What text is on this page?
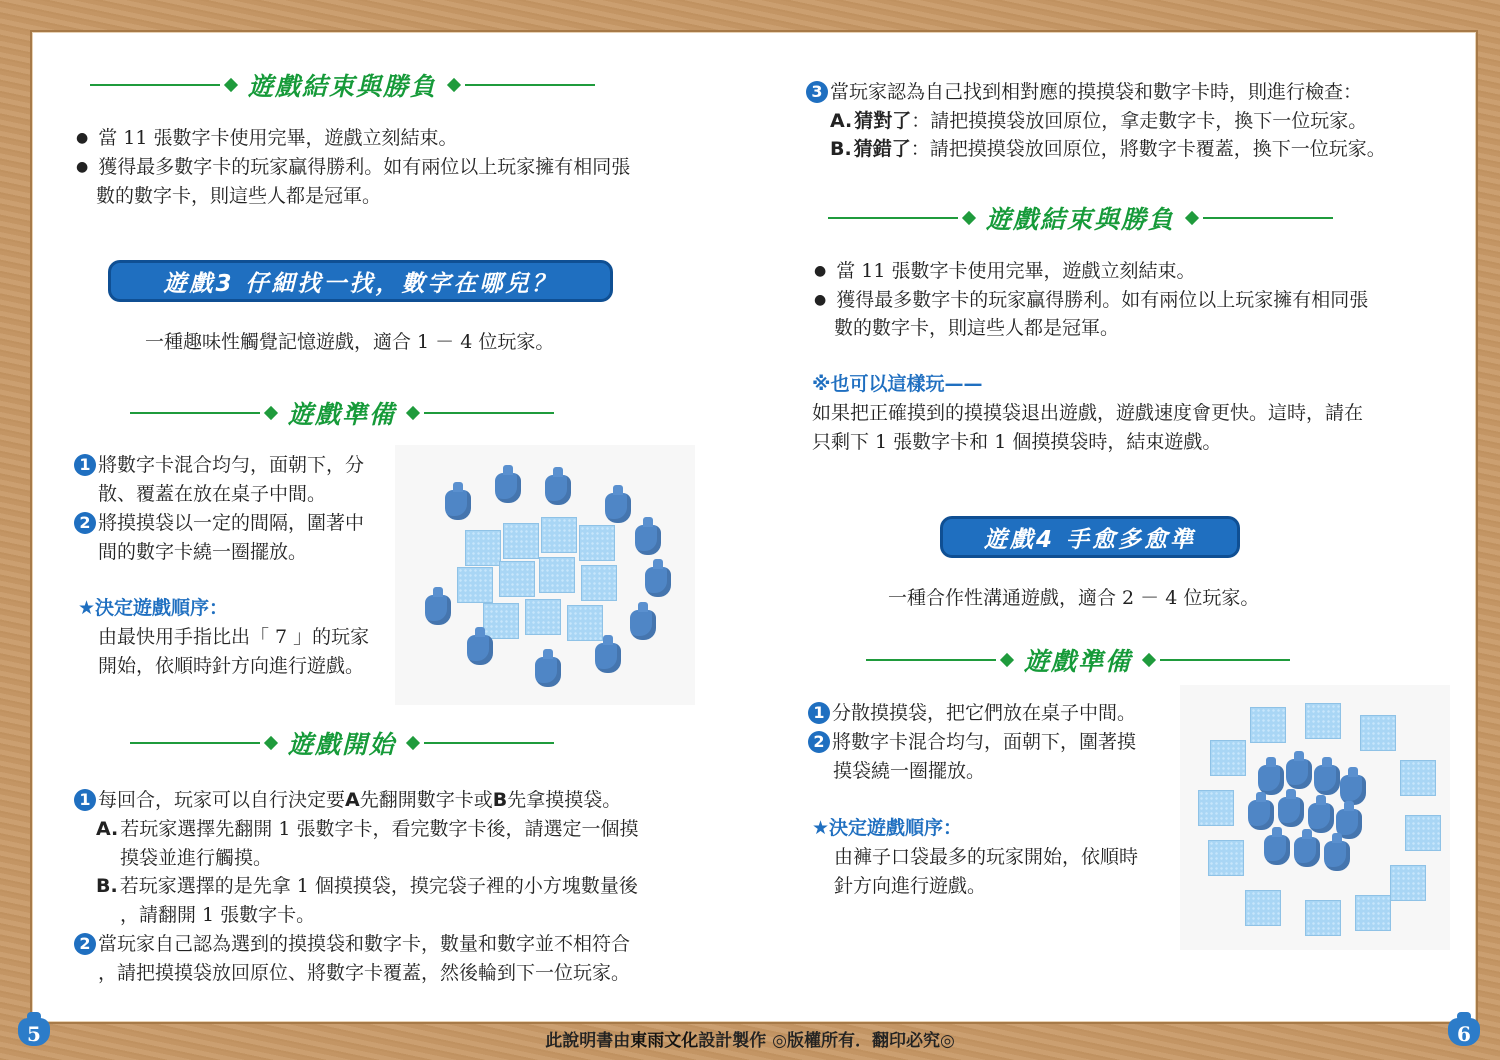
遊戲結束與勝負
● 當 11 張數字卡使用完畢，遊戲立刻結束。
● 獲得最多數字卡的玩家贏得勝利。如有兩位以上玩家擁有相同張
數的數字卡，則這些人都是冠軍。
遊戲3 仔細找一找，數字在哪兒？
一種趣味性觸覺記憶遊戲，適合 1 － 4 位玩家。
遊戲準備
1 將數字卡混合均勻，面朝下，分
散、覆蓋在放在桌子中間。
2 將摸摸袋以一定的間隔，圍著中
間的數字卡繞一圈擺放。
★決定遊戲順序：
由最快用手指比出「 7 」的玩家
開始，依順時針方向進行遊戲。
遊戲開始
1 每回合，玩家可以自行決定要A先翻開數字卡或B先拿摸摸袋。
A. 若玩家選擇先翻開 1 張數字卡，看完數字卡後，請選定一個摸
摸袋並進行觸摸。
B. 若玩家選擇的是先拿 1 個摸摸袋，摸完袋子裡的小方塊數量後
，請翻開 1 張數字卡。
2 當玩家自己認為選到的摸摸袋和數字卡，數量和數字並不相符合
，請把摸摸袋放回原位、將數字卡覆蓋，然後輪到下一位玩家。
3 當玩家認為自己找到相對應的摸摸袋和數字卡時，則進行檢查：
A. 猜對了：請把摸摸袋放回原位，拿走數字卡，換下一位玩家。
B. 猜錯了：請把摸摸袋放回原位，將數字卡覆蓋，換下一位玩家。
遊戲結束與勝負
● 當 11 張數字卡使用完畢，遊戲立刻結束。
● 獲得最多數字卡的玩家贏得勝利。如有兩位以上玩家擁有相同張
數的數字卡，則這些人都是冠軍。
※也可以這樣玩——
如果把正確摸到的摸摸袋退出遊戲，遊戲速度會更快。這時，請在
只剩下 1 張數字卡和 1 個摸摸袋時，結束遊戲。
遊戲4 手愈多愈準
一種合作性溝通遊戲，適合 2 － 4 位玩家。
遊戲準備
1 分散摸摸袋，把它們放在桌子中間。
2 將數字卡混合均勻，面朝下，圍著摸
摸袋繞一圈擺放。
★決定遊戲順序：
由褲子口袋最多的玩家開始，依順時
針方向進行遊戲。
5	6
此說明書由東雨文化設計製作 ◎版權所有．翻印必究◎
